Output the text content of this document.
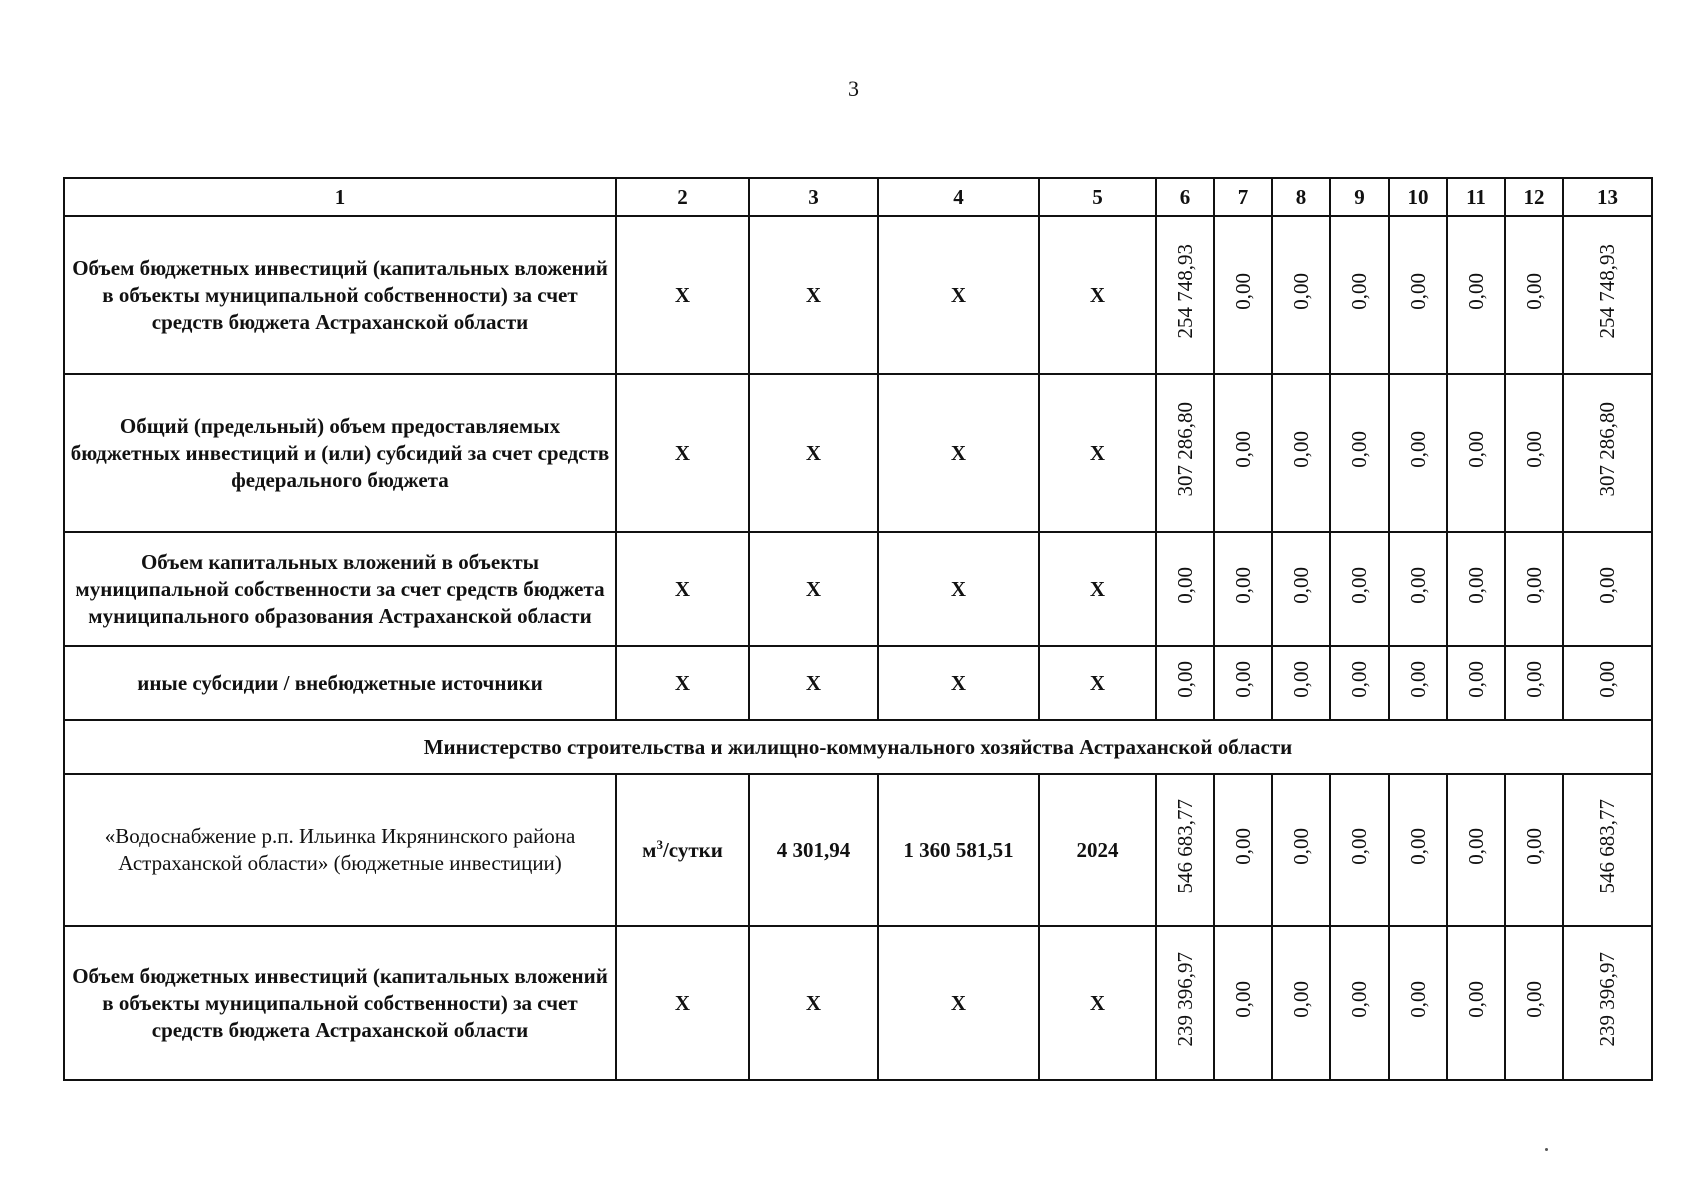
3
1	2	3	4	5	6	7	8	9	10	11	12	13
Объем бюджетных инвестиций (капитальных вложений в объекты муниципальной собственности) за счет средств бюджета Астраханской области	X	X	X	X	254 748,93	0,00	0,00	0,00	0,00	0,00	0,00	254 748,93
Общий (предельный) объем предоставляемых бюджетных инвестиций и (или) субсидий за счет средств федерального бюджета	X	X	X	X	307 286,80	0,00	0,00	0,00	0,00	0,00	0,00	307 286,80
Объем капитальных вложений в объекты муниципальной собственности за счет средств бюджета муниципального образования Астраханской области	X	X	X	X	0,00	0,00	0,00	0,00	0,00	0,00	0,00	0,00
иные субсидии / внебюджетные источники	X	X	X	X	0,00	0,00	0,00	0,00	0,00	0,00	0,00	0,00
Министерство строительства и жилищно-коммунального хозяйства Астраханской области												
«Водоснабжение р.п. Ильинка Икрянинского района Астраханской области» (бюджетные инвестиции)	$м^3$/сутки	4 301,94	1 360 581,51	2024	546 683,77	0,00	0,00	0,00	0,00	0,00	0,00	546 683,77
Объем бюджетных инвестиций (капитальных вложений в объекты муниципальной собственности) за счет средств бюджета Астраханской области	X	X	X	X	239 396,97	0,00	0,00	0,00	0,00	0,00	0,00	239 396,97
